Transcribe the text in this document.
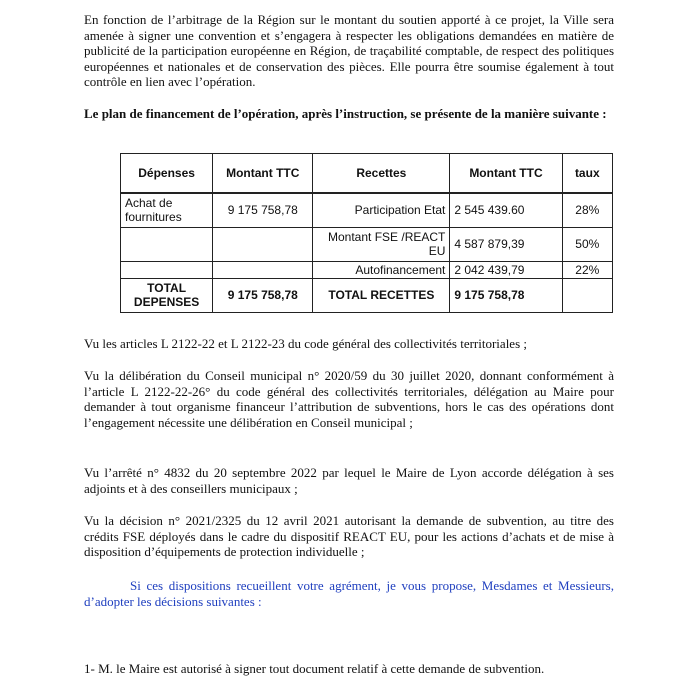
En fonction de l’arbitrage de la Région sur le montant du soutien apporté à ce projet, la Ville sera amenée à signer une convention et s’engagera à respecter les obligations demandées en matière de publicité de la participation européenne en Région, de traçabilité comptable, de respect des politiques européennes et nationales et de conservation des pièces. Elle pourra être soumise également à tout contrôle en lien avec l’opération.

Le plan de financement de l’opération, après l’instruction, se présente de la manière suivante :

Dépenses	Montant TTC	Recettes	Montant TTC	taux
Achat de fournitures	9 175 758,78	Participation Etat	2 545 439.60	28%
		Montant FSE /REACT EU	4 587 879,39	50%
		Autofinancement	2 042 439,79	22%
TOTAL DEPENSES	9 175 758,78	TOTAL RECETTES	9 175 758,78	

Vu les articles L 2122-22 et L 2122-23 du code général des collectivités territoriales ;

Vu la délibération du Conseil municipal n° 2020/59 du 30 juillet 2020, donnant conformément à l’article L 2122-22-26° du code général des collectivités territoriales, délégation au Maire pour demander à tout organisme financeur l’attribution de subventions, hors le cas des opérations dont l’engagement nécessite une délibération en Conseil municipal ;

Vu l’arrêté n° 4832 du 20 septembre 2022 par lequel le Maire de Lyon accorde délégation à ses adjoints et à des conseillers municipaux ;

Vu la décision n° 2021/2325 du 12 avril 2021 autorisant la demande de subvention, au titre des crédits FSE déployés dans le cadre du dispositif REACT EU, pour les actions d’achats et de mise à disposition d’équipements de protection individuelle ;

Si ces dispositions recueillent votre agrément, je vous propose, Mesdames et Messieurs, d’adopter les décisions suivantes :

1- M. le Maire est autorisé à signer tout document relatif à cette demande de subvention.
